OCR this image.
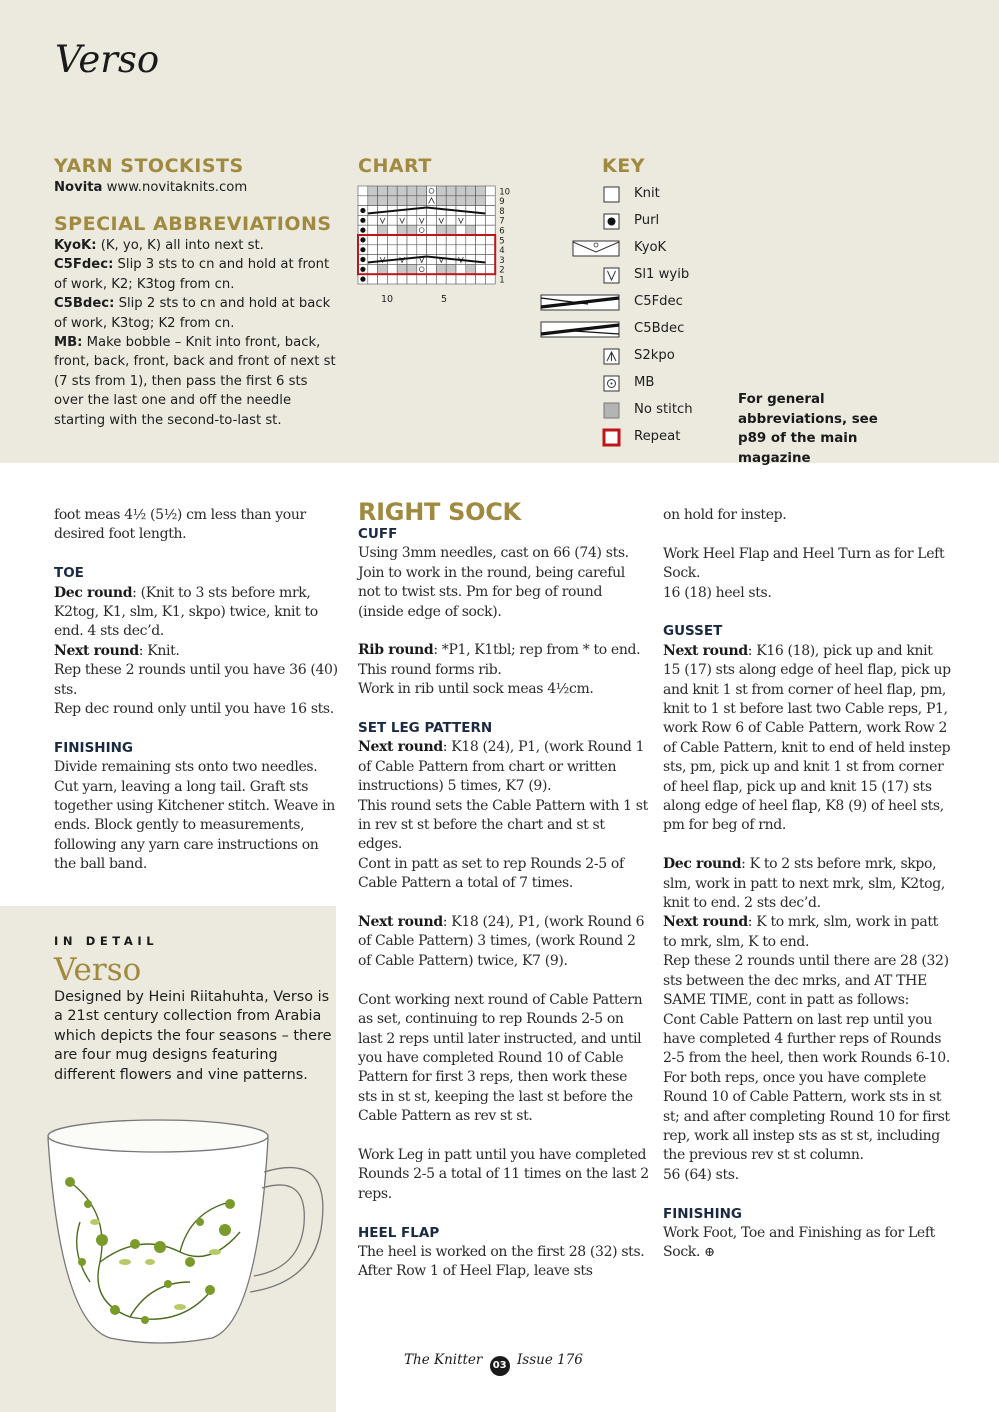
Verso
YARN STOCKISTS
Novita www.novitaknits.com
SPECIAL ABBREVIATIONS

KyoK: (K, yo, K) all into next st.

C5Fdec: Slip 3 sts to cn and hold at front of work, K2; K3tog from cn.

C5Bdec: Slip 2 sts to cn and hold at back of work, K3tog; K2 from cn.

MB: Make bobble – Knit into front, back, front, back, front, back and front of next st (7 sts from 1), then pass the first 6 sts over the last one and off the needle starting with the second-to-last st.

CHART
10
9
8
7
6
5
4
3
2
1
10	5
KEY
Knit
Purl
KyoK
Sl1 wyib
C5Fdec
C5Bdec
S2kpo
MB
No stitch
Repeat
For general abbreviations, see p89 of the main magazine

foot meas 4½ (5½) cm less than your desired foot length.

TOE

Dec round: (Knit to 3 sts before mrk, K2tog, K1, slm, K1, skpo) twice, knit to end. 4 sts dec’d.

Next round: Knit.

Rep these 2 rounds until you have 36 (40) sts.

Rep dec round only until you have 16 sts.

FINISHING

Divide remaining sts onto two needles. Cut yarn, leaving a long tail. Graft sts together using Kitchener stitch. Weave in ends. Block gently to measurements, following any yarn care instructions on the ball band.

RIGHT SOCK

CUFF

Using 3mm needles, cast on 66 (74) sts. Join to work in the round, being careful not to twist sts. Pm for beg of round (inside edge of sock).

Rib round: *P1, K1tbl; rep from * to end.

This round forms rib.

Work in rib until sock meas 4½cm.

SET LEG PATTERN

Next round: K18 (24), P1, (work Round 1 of Cable Pattern from chart or written instructions) 5 times, K7 (9).

This round sets the Cable Pattern with 1 st in rev st st before the chart and st st edges.

Cont in patt as set to rep Rounds 2-5 of Cable Pattern a total of 7 times.

Next round: K18 (24), P1, (work Round 6 of Cable Pattern) 3 times, (work Round 2 of Cable Pattern) twice, K7 (9).

Cont working next round of Cable Pattern as set, continuing to rep Rounds 2-5 on last 2 reps until later instructed, and until you have completed Round 10 of Cable Pattern for first 3 reps, then work these sts in st st, keeping the last st before the Cable Pattern as rev st st.

Work Leg in patt until you have completed Rounds 2-5 a total of 11 times on the last 2 reps.

HEEL FLAP

The heel is worked on the first 28 (32) sts. After Row 1 of Heel Flap, leave sts

on hold for instep.

Work Heel Flap and Heel Turn as for Left Sock.

16 (18) heel sts.

GUSSET

Next round: K16 (18), pick up and knit 15 (17) sts along edge of heel flap, pick up and knit 1 st from corner of heel flap, pm, knit to 1 st before last two Cable reps, P1, work Row 6 of Cable Pattern, work Row 2 of Cable Pattern, knit to end of held instep sts, pm, pick up and knit 1 st from corner of heel flap, pick up and knit 15 (17) sts along edge of heel flap, K8 (9) of heel sts, pm for beg of rnd.

Dec round: K to 2 sts before mrk, skpo, slm, work in patt to next mrk, slm, K2tog, knit to end. 2 sts dec’d.

Next round: K to mrk, slm, work in patt to mrk, slm, K to end.

Rep these 2 rounds until there are 28 (32) sts between the dec mrks, and AT THE SAME TIME, cont in patt as follows:

Cont Cable Pattern on last rep until you have completed 4 further reps of Rounds 2-5 from the heel, then work Rounds 6-10. For both reps, once you have complete Round 10 of Cable Pattern, work sts in st st; and after completing Round 10 for first rep, work all instep sts as st st, including the previous rev st st column.

56 (64) sts.

FINISHING

Work Foot, Toe and Finishing as for Left Sock. ⊕

IN DETAIL
Verso
Designed by Heini Riitahuhta, Verso is a 21st century collection from Arabia which depicts the four seasons – there are four mug designs featuring different flowers and vine patterns.
The Knitter 03 Issue 176
